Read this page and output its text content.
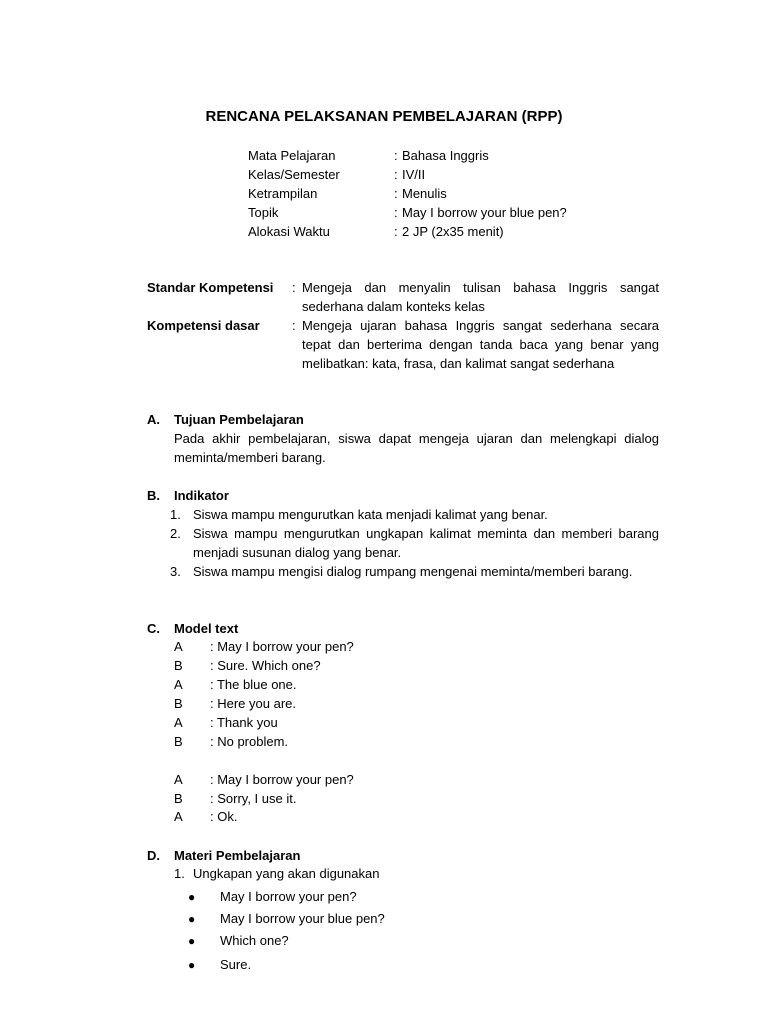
RENCANA PELAKSANAN PEMBELAJARAN (RPP)
Mata Pelajaran	: Bahasa Inggris
Kelas/Semester	: IV/II
Ketrampilan	: Menulis
Topik	: May I borrow your blue pen?
Alokasi Waktu	: 2 JP (2x35 menit)
Standar Kompetensi : Mengeja dan menyalin tulisan bahasa Inggris sangat sederhana dalam konteks kelas
Kompetensi dasar : Mengeja ujaran bahasa Inggris sangat sederhana secara tepat dan berterima dengan tanda baca yang benar yang melibatkan: kata, frasa, dan kalimat sangat sederhana
A. Tujuan Pembelajaran
Pada akhir pembelajaran, siswa dapat mengeja ujaran dan melengkapi dialog meminta/memberi barang.
B. Indikator
1. Siswa mampu mengurutkan kata menjadi kalimat yang benar.
2. Siswa mampu mengurutkan ungkapan kalimat meminta dan memberi barang menjadi susunan dialog yang benar.
3. Siswa mampu mengisi dialog rumpang mengenai meminta/memberi barang.
C. Model text
A : May I borrow your pen?
B : Sure. Which one?
A : The blue one.
B : Here you are.
A : Thank you
B : No problem.
A : May I borrow your pen?
B : Sorry, I use it.
A : Ok.
D. Materi Pembelajaran
1. Ungkapan yang akan digunakan
● May I borrow your pen?
● May I borrow your blue pen?
● Which one?
● Sure.
